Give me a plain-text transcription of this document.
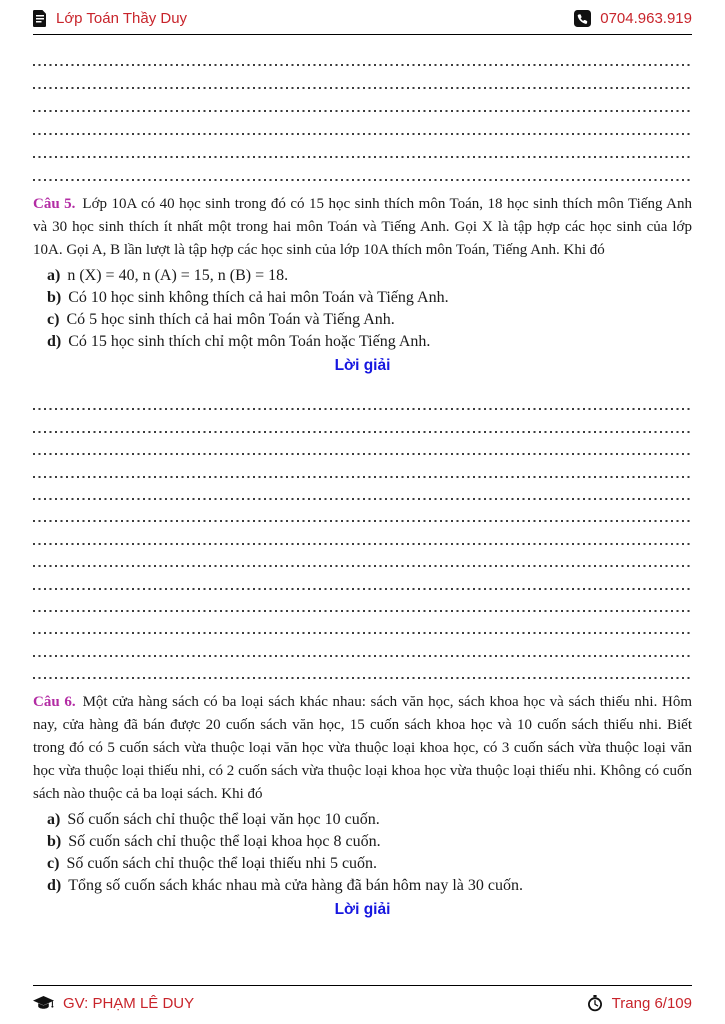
Lớp Toán Thầy Duy	0704.963.919
Câu 5. Lớp 10A có 40 học sinh trong đó có 15 học sinh thích môn Toán, 18 học sinh thích môn Tiếng Anh và 30 học sinh thích ít nhất một trong hai môn Toán và Tiếng Anh. Gọi X là tập hợp các học sinh của lớp 10A. Gọi A, B lần lượt là tập hợp các học sinh của lớp 10A thích môn Toán, Tiếng Anh. Khi đó
a) n (X) = 40, n (A) = 15, n (B) = 18.
b) Có 10 học sinh không thích cả hai môn Toán và Tiếng Anh.
c) Có 5 học sinh thích cả hai môn Toán và Tiếng Anh.
d) Có 15 học sinh thích chỉ một môn Toán hoặc Tiếng Anh.
Lời giải
Câu 6. Một cửa hàng sách có ba loại sách khác nhau: sách văn học, sách khoa học và sách thiếu nhi. Hôm nay, cửa hàng đã bán được 20 cuốn sách văn học, 15 cuốn sách khoa học và 10 cuốn sách thiếu nhi. Biết trong đó có 5 cuốn sách vừa thuộc loại văn học vừa thuộc loại khoa học, có 3 cuốn sách vừa thuộc loại văn học vừa thuộc loại thiếu nhi, có 2 cuốn sách vừa thuộc loại khoa học vừa thuộc loại thiếu nhi. Không có cuốn sách nào thuộc cả ba loại sách. Khi đó
a) Số cuốn sách chỉ thuộc thể loại văn học 10 cuốn.
b) Số cuốn sách chỉ thuộc thể loại khoa học 8 cuốn.
c) Số cuốn sách chỉ thuộc thể loại thiếu nhi 5 cuốn.
d) Tổng số cuốn sách khác nhau mà cửa hàng đã bán hôm nay là 30 cuốn.
Lời giải
GV: PHẠM LÊ DUY	Trang 6/109
